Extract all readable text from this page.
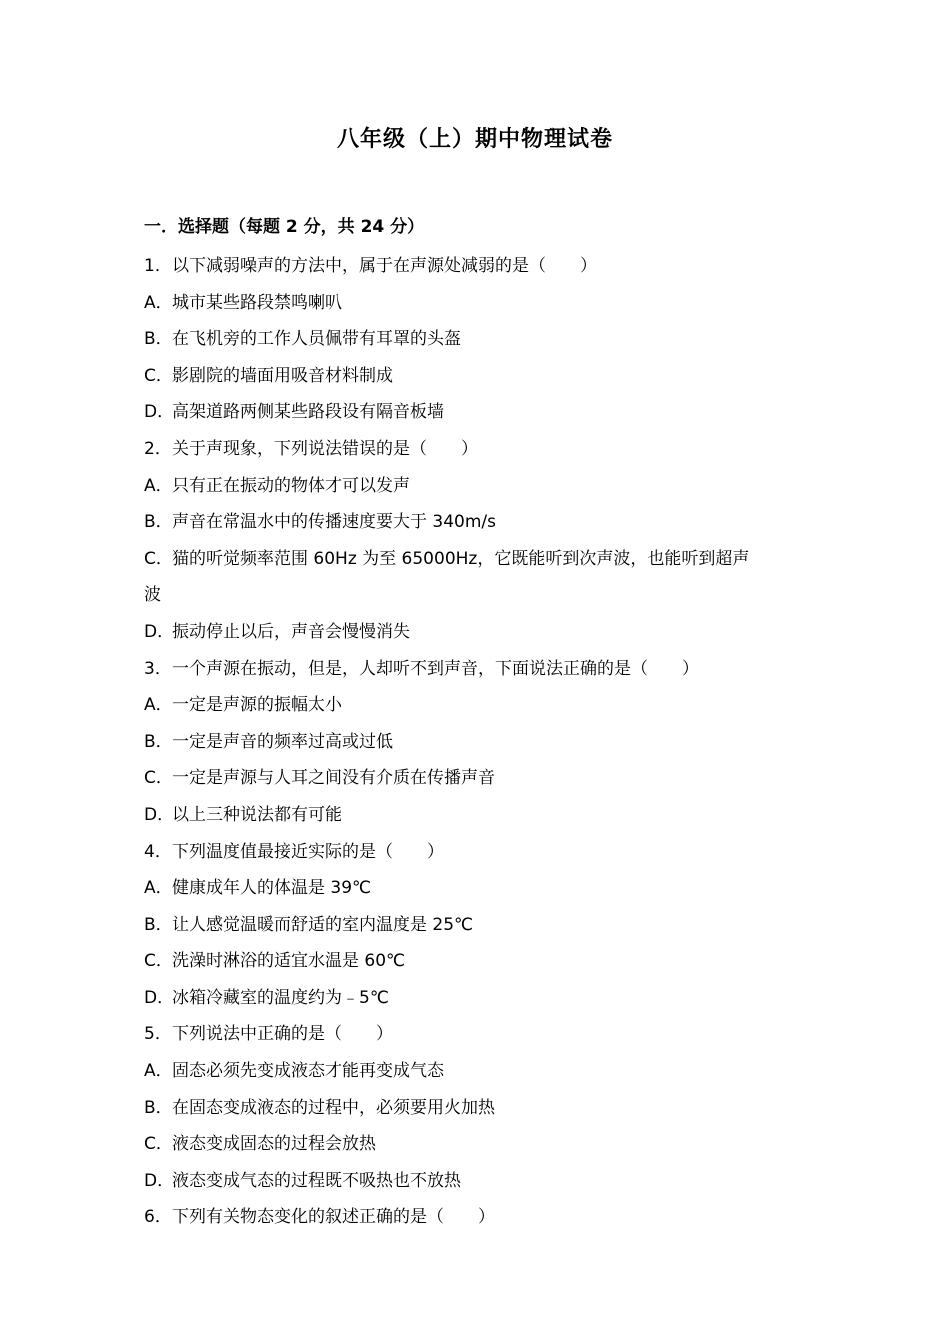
八年级（上）期中物理试卷
一．选择题（每题 2 分，共 24 分）
1．以下减弱噪声的方法中，属于在声源处减弱的是（　　）
A．城市某些路段禁鸣喇叭
B．在飞机旁的工作人员佩带有耳罩的头盔
C．影剧院的墙面用吸音材料制成
D．高架道路两侧某些路段设有隔音板墙
2．关于声现象，下列说法错误的是（　　）
A．只有正在振动的物体才可以发声
B．声音在常温水中的传播速度要大于 340m/s
C．猫的听觉频率范围 60Hz 为至 65000Hz，它既能听到次声波，也能听到超声
波
D．振动停止以后，声音会慢慢消失
3．一个声源在振动，但是，人却听不到声音，下面说法正确的是（　　）
A．一定是声源的振幅太小
B．一定是声音的频率过高或过低
C．一定是声源与人耳之间没有介质在传播声音
D．以上三种说法都有可能
4．下列温度值最接近实际的是（　　）
A．健康成年人的体温是 39℃
B．让人感觉温暖而舒适的室内温度是 25℃
C．洗澡时淋浴的适宜水温是 60℃
D．冰箱冷藏室的温度约为﹣5℃
5．下列说法中正确的是（　　）
A．固态必须先变成液态才能再变成气态
B．在固态变成液态的过程中，必须要用火加热
C．液态变成固态的过程会放热
D．液态变成气态的过程既不吸热也不放热
6．下列有关物态变化的叙述正确的是（　　）
